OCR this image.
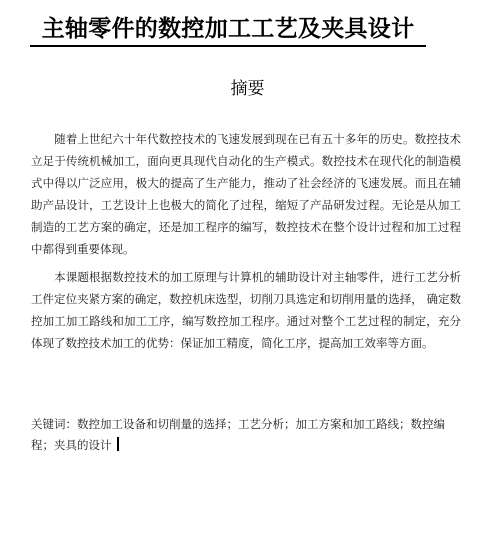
主轴零件的数控加工工艺及夹具设计
摘要

随着上世纪六十年代数控技术的飞速发展到现在已有五十多年的历史。数控技术立足于传统机械加工，面向更具现代自动化的生产模式。数控技术在现代化的制造模式中得以广泛应用，极大的提高了生产能力，推动了社会经济的飞速发展。而且在辅助产品设计，工艺设计上也极大的简化了过程，缩短了产品研发过程。无论是从加工制造的工艺方案的确定，还是加工程序的编写，数控技术在整个设计过程和加工过程中都得到重要体现。

本课题根据数控技术的加工原理与计算机的辅助设计对主轴零件，进行工艺分析工件定位夹紧方案的确定，数控机床选型，切削刀具选定和切削用量的选择， 确定数控加工加工路线和加工工序，编写数控加工程序。通过对整个工艺过程的制定，充分体现了数控技术加工的优势：保证加工精度，简化工序，提高加工效率等方面。

关键词：数控加工设备和切削量的选择；工艺分析；加工方案和加工路线；数控编程；夹具的设计
